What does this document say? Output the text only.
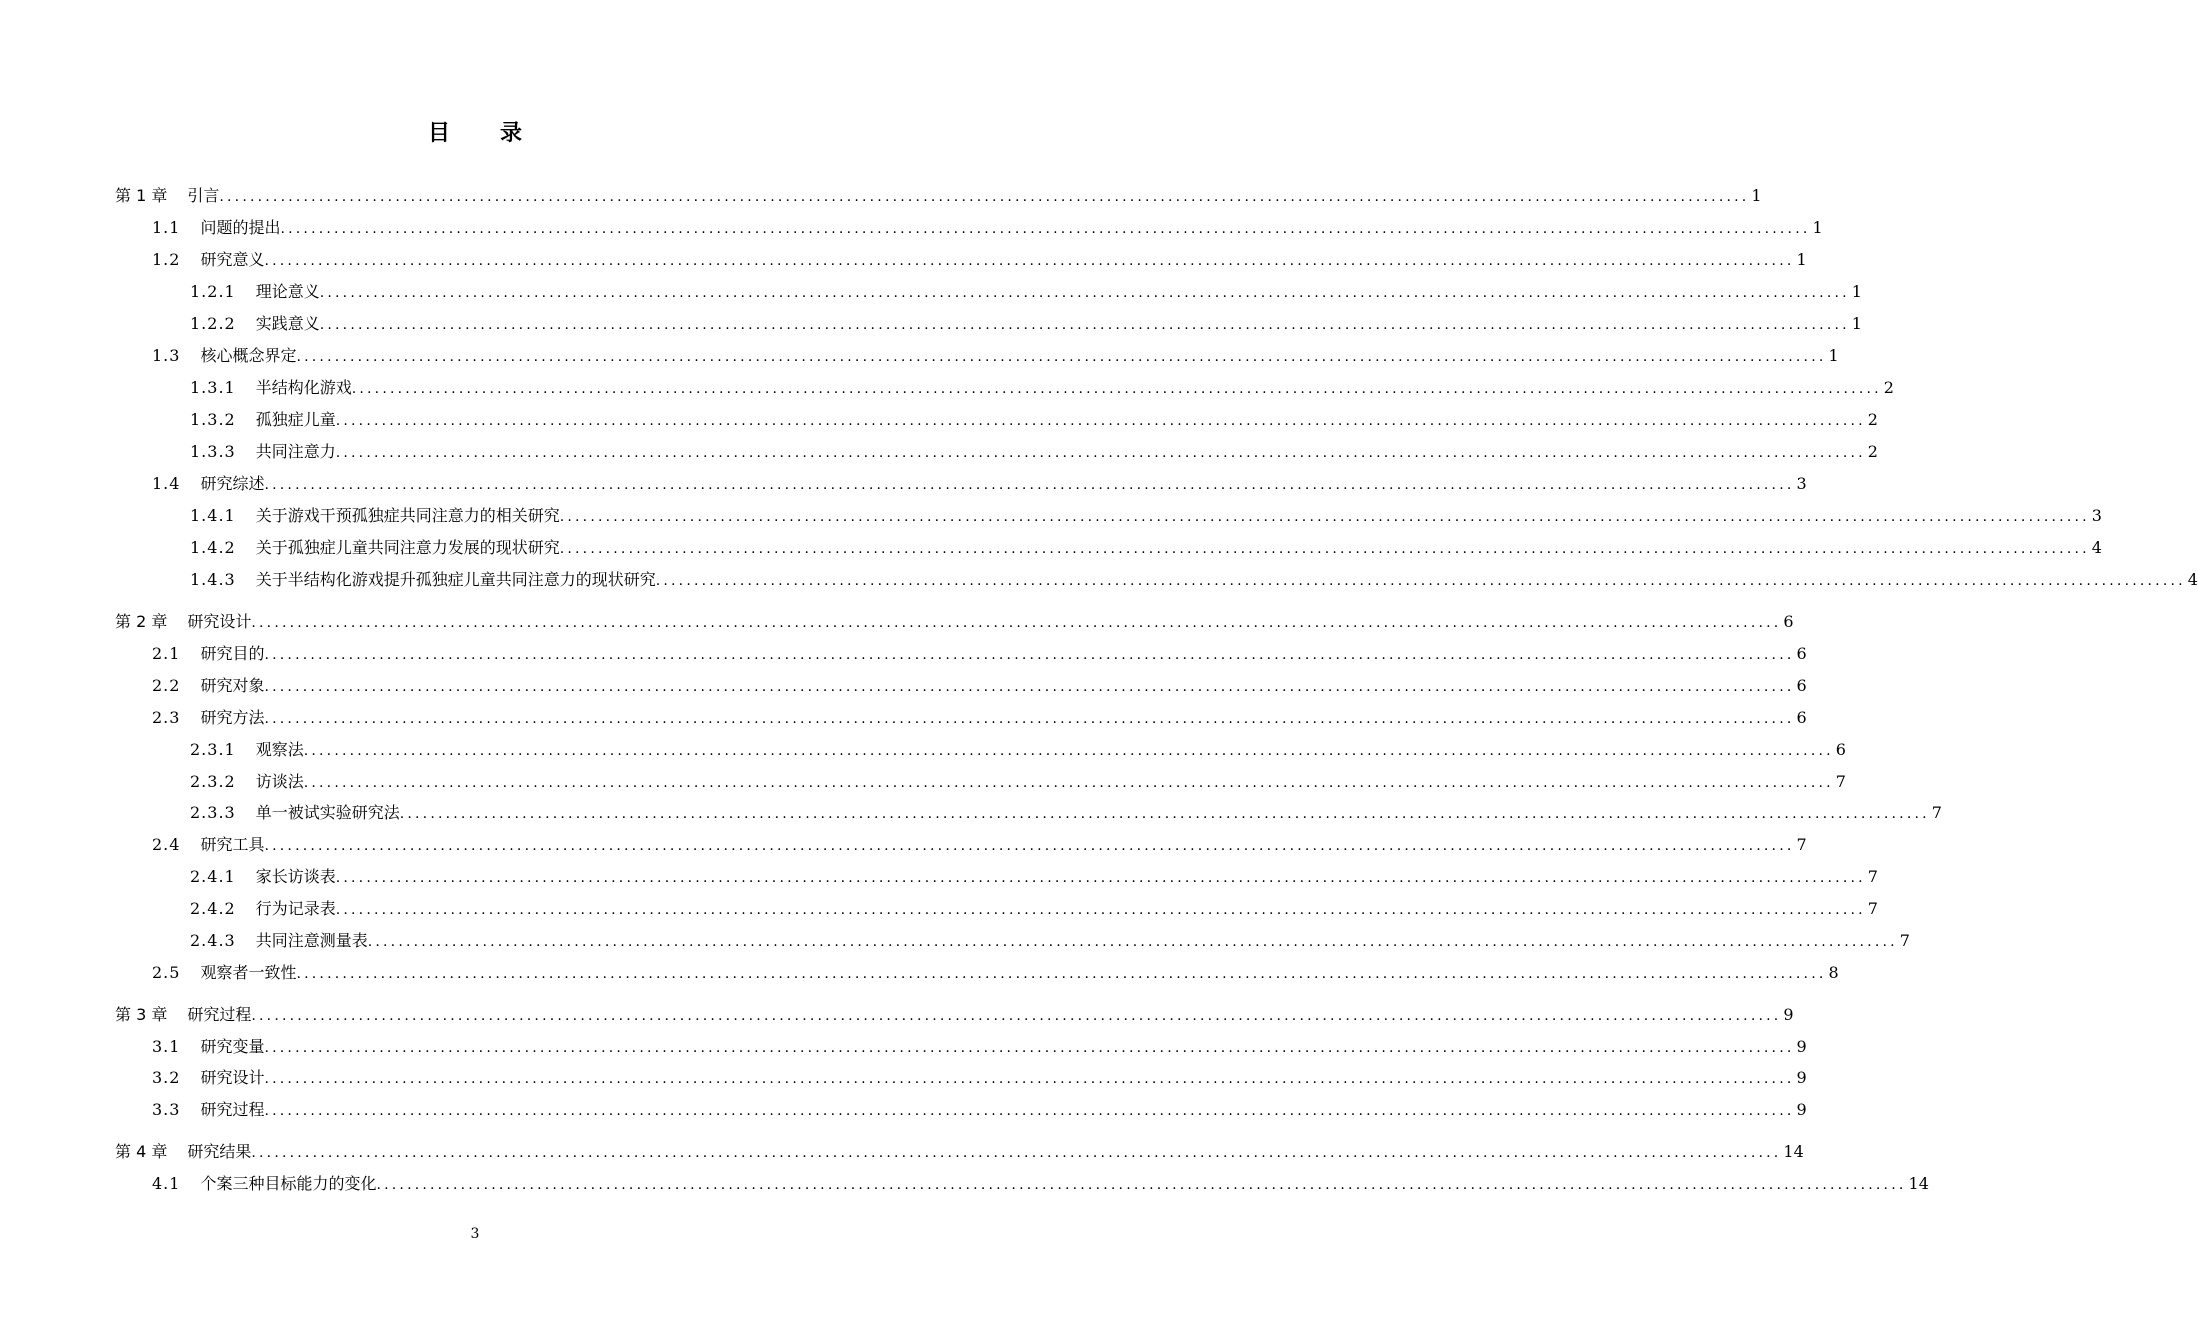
目 录
第 1 章 引言 ........................................................................................................................................................................................................ 1
1.1 问题的提出 ........................................................................................................................................................................................................ 1
1.2 研究意义 ........................................................................................................................................................................................................ 1
1.2.1 理论意义 ........................................................................................................................................................................................................ 1
1.2.2 实践意义 ........................................................................................................................................................................................................ 1
1.3 核心概念界定 ........................................................................................................................................................................................................ 1
1.3.1 半结构化游戏 ........................................................................................................................................................................................................ 2
1.3.2 孤独症儿童 ........................................................................................................................................................................................................ 2
1.3.3 共同注意力 ........................................................................................................................................................................................................ 2
1.4 研究综述 ........................................................................................................................................................................................................ 3
1.4.1 关于游戏干预孤独症共同注意力的相关研究 ........................................................................................................................................................................................................ 3
1.4.2 关于孤独症儿童共同注意力发展的现状研究 ........................................................................................................................................................................................................ 4
1.4.3 关于半结构化游戏提升孤独症儿童共同注意力的现状研究 ........................................................................................................................................................................................................ 4
第 2 章 研究设计 ........................................................................................................................................................................................................ 6
2.1 研究目的 ........................................................................................................................................................................................................ 6
2.2 研究对象 ........................................................................................................................................................................................................ 6
2.3 研究方法 ........................................................................................................................................................................................................ 6
2.3.1 观察法 ........................................................................................................................................................................................................ 6
2.3.2 访谈法 ........................................................................................................................................................................................................ 7
2.3.3 单一被试实验研究法 ........................................................................................................................................................................................................ 7
2.4 研究工具 ........................................................................................................................................................................................................ 7
2.4.1 家长访谈表 ........................................................................................................................................................................................................ 7
2.4.2 行为记录表 ........................................................................................................................................................................................................ 7
2.4.3 共同注意测量表 ........................................................................................................................................................................................................ 7
2.5 观察者一致性 ........................................................................................................................................................................................................ 8
第 3 章 研究过程 ........................................................................................................................................................................................................ 9
3.1 研究变量 ........................................................................................................................................................................................................ 9
3.2 研究设计 ........................................................................................................................................................................................................ 9
3.3 研究过程 ........................................................................................................................................................................................................ 9
第 4 章 研究结果 ........................................................................................................................................................................................................ 14
4.1 个案三种目标能力的变化 ........................................................................................................................................................................................................ 14
3
